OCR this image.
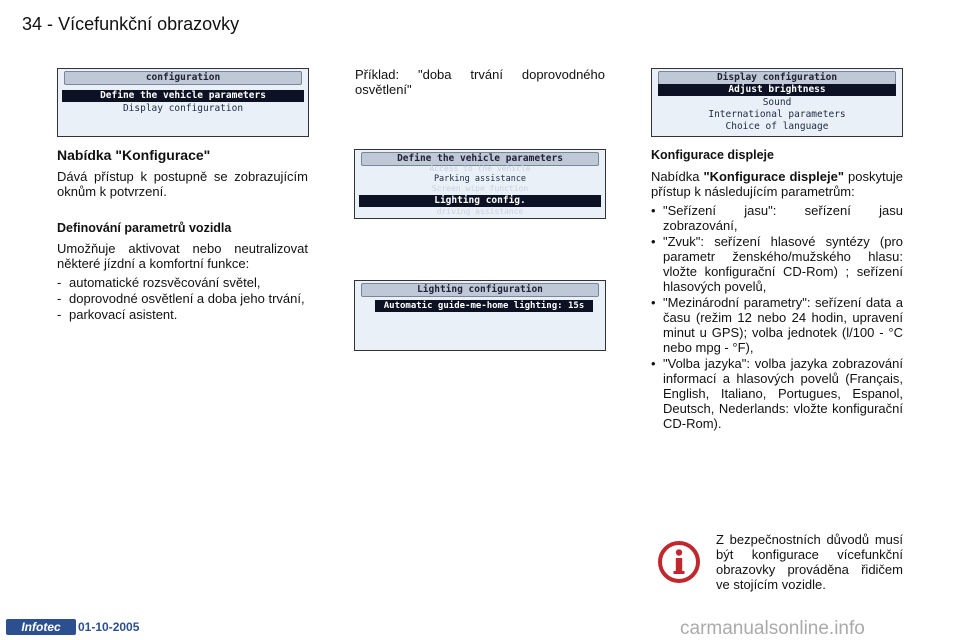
34 - Vícefunkční obrazovky
configuration
Define the vehicle parameters
Display configuration
Nabídka "Konfigurace"

Dává přístup k postupně se zobrazujícím oknům k potvrzení.

Definování parametrů vozidla

Umožňuje aktivovat nebo neutralizovat některé jízdní a komfortní funkce:

- automatické rozsvěcování světel,
- doprovodné osvětlení a doba jeho trvání,
- parkovací asistent.

Příklad: "doba trvání doprovodného osvětlení"

Define the vehicle parameters
Access to the vehicle
Parking assistance
Screen wipe function
Lighting config.
driving assistance
Lighting configuration
Automatic guide-me-home lighting: 15s
Display configuration
Adjust brightness
Sound
International parameters
Choice of language
Konfigurace displeje

Nabídka "Konfigurace displeje" poskytuje přístup k následujícím parametrům:

• "Seřízení jasu": seřízení jasu zobrazování,
• "Zvuk": seřízení hlasové syntézy (pro parametr ženského/mužského hlasu: vložte konfigurační CD-Rom) ; seřízení hlasových povelů,
• "Mezinárodní parametry": seřízení data a času (režim 12 nebo 24 hodin, upravení minut u GPS); volba jednotek (l/100 - °C nebo mpg - °F),
• "Volba jazyka": volba jazyka zobrazování informací a hlasových povelů (Français, English, Italiano, Portugues, Espanol, Deutsch, Nederlands: vložte konfigurační CD-Rom).
Z bezpečnostních důvodů musí být konfigurace vícefunkční obrazovky prováděna řidičem ve stojícím vozidle.
Infotec	01-10-2005	carmanualsonline.info
